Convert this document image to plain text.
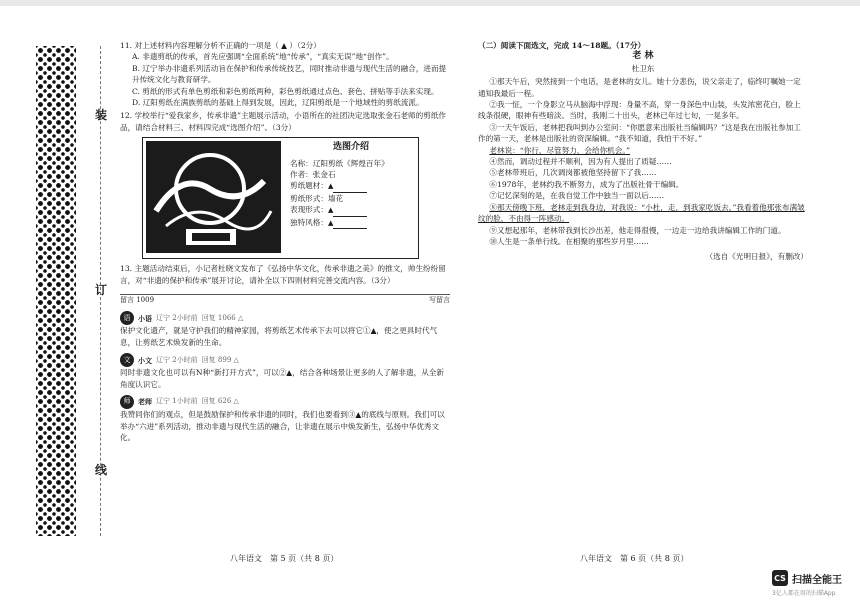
装
订
线
11. 对上述材料内容理解分析不正确的一项是（ ▲ ）（2分）
A. 非遗剪纸的传承，首先应强调“全面系统”地“传承”，“真实无误”地“创作”。
B. 辽宁举办非遗系列活动旨在保护和传承传统技艺，同时推动非遗与现代生活的融合，进而提升传统文化与教育研学。
C. 剪纸的形式有单色剪纸和彩色剪纸两种，彩色剪纸通过点色、套色、拼贴等手法来实现。
D. 辽阳剪纸在满族剪纸的基础上得到发展，因此，辽阳剪纸是一个地域性的剪纸流派。
12. 学校举行“爱我家乡，传承非遗”主题展示活动，小语所在的社团决定选取张金石老师的剪纸作品，请结合材料三、材料四完成“选图介绍”。（3分）
选图介绍
名称：辽阳剪纸《辉煌百年》
作者：张金石
剪纸题材：▲
剪纸形式：墙花
表现形式：▲
独特风格：▲
13. 主题活动结束后，小记者杜晓文发布了《弘扬中华文化，传承非遗之美》的推文，帅生纷纷留言，对“非遗的保护和传承”展开讨论，请补全以下四则材料完善交流内容。（3分）
留言 1009	写留言
语	小语 辽宁 2小时前 回复 1066 △
保护文化遗产，就是守护我们的精神家园，将剪纸艺术传承下去可以将它①▲，使之更具时代气息，让剪纸艺术焕发新的生命。
文	小文 辽宁 2小时前 回复 899 △
同时非遗文化也可以有N种“新打开方式”，可以②▲，结合各种场景让更多的人了解非遗，从全新角度认识它。
师	老师 辽宁 1小时前 回复 626 △
我赞同你们的观点，但是鼓励保护和传承非遗的同时，我们也要看到③▲的底线与原则。我们可以举办“六进”系列活动，推动非遗与现代生活的融合，让非遗在展示中焕发新生，弘扬中华优秀文化。
（二）阅读下面选文，完成 14～18题。（17分）
老 林
杜卫东
①那天午后，突然接到一个电话，是老林的女儿。她十分悲伤，说父亲走了，临终叮嘱她一定通知我最后一程。
②我一怔，一个身影立马从脑海中浮现：身量不高，穿一身深色中山装，头发浓密花白，脸上线条很硬，眼神有些暗淡。当时，我刚二十出头，老林已年过七旬，一晃多年。
③一天午饭后，老林把我叫到办公室问：“你愿意来出版社当编辑吗？”这是我在出版社参加工作的第一天，老林是出版社的资深编辑。“我不知道，我怕干不好。”
老林说：“你行，尽管努力，会给你机会。”
④然而，调动过程并不顺利，因为有人提出了质疑……
⑤老林带班后，几次调岗都被他坚持留下了我……
⑥1978年，老林约我不断努力，成为了出版社骨干编辑。
⑦记忆深刻的是，在我自觉工作中独当一面以后……
⑧那天傍晚下班，老林走到我身边，对我说：“小杜，走，到我家吃饭去。”我看着他那张布满皱纹的脸，不由得一阵感动。
⑨又想起那年，老林带我到长沙出差，他走得很慢，一边走一边给我讲编辑工作的门道。
⑩人生是一条单行线。在相聚的那些岁月里……
（选自《光明日报》，有删改）
八年语文　第 5 页（共 8 页）	八年语文　第 6 页（共 8 页）
CS 扫描全能王
3亿人都在用的扫描App
